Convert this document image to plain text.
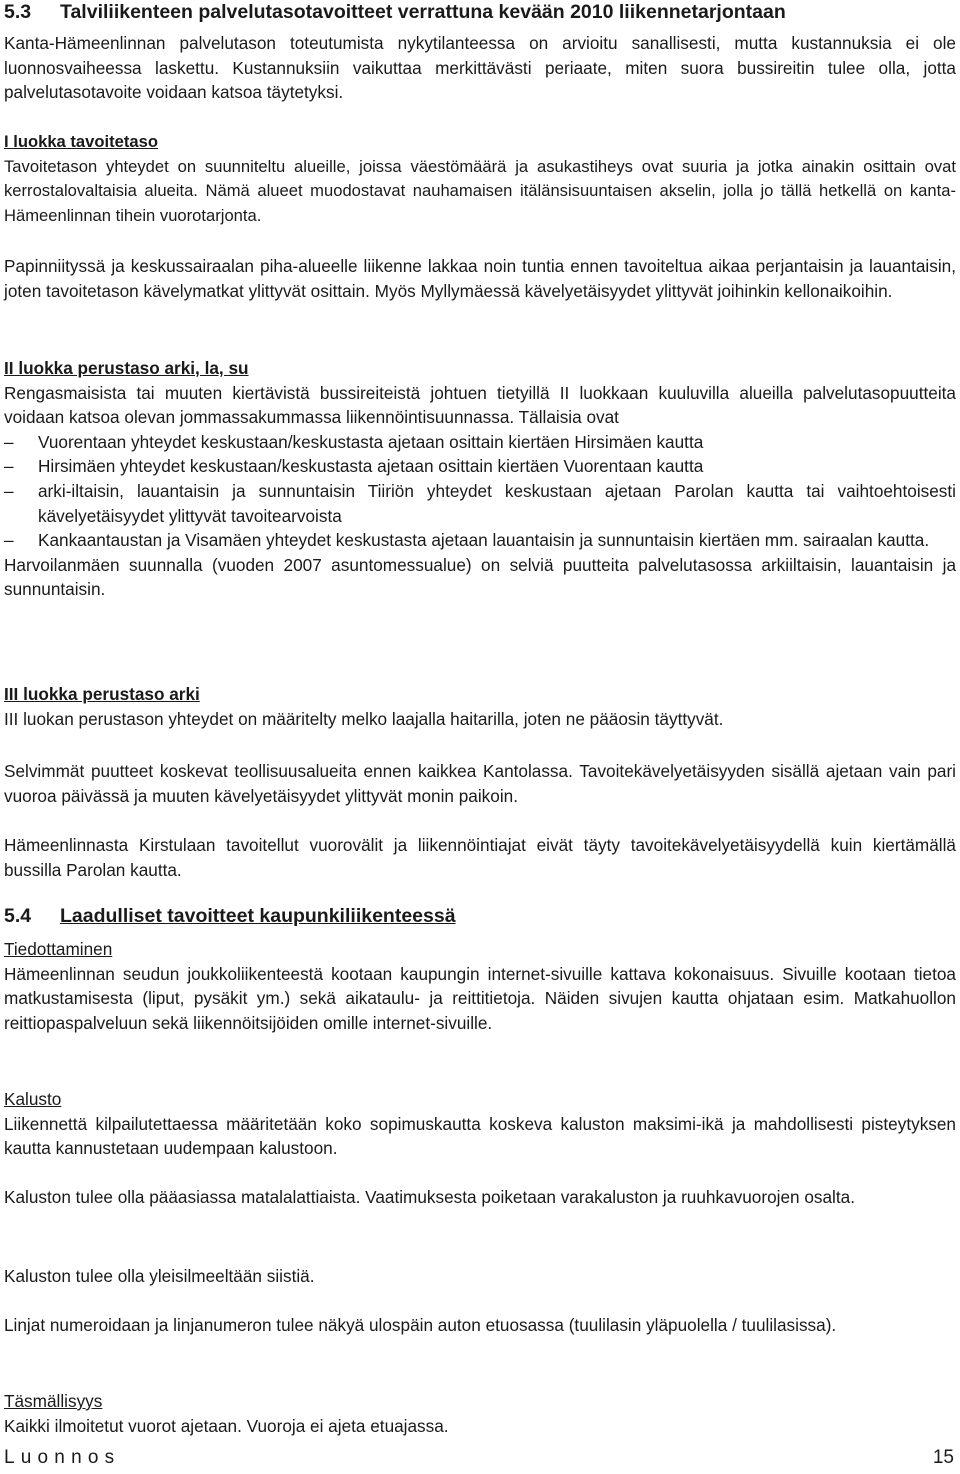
5.3 Talviliikenteen palvelutasotavoitteet verrattuna kevään 2010 liikennetarjontaan
Kanta-Hämeenlinnan palvelutason toteutumista nykytilanteessa on arvioitu sanallisesti, mutta kustannuksia ei ole luonnosvaiheessa laskettu. Kustannuksiin vaikuttaa merkittävästi periaate, miten suora bussireitin tulee olla, jotta palvelutasotavoite voidaan katsoa täytetyksi.
I luokka tavoitetaso
Tavoitetason yhteydet on suunniteltu alueille, joissa väestömäärä ja asukastiheys ovat suuria ja jotka ainakin osittain ovat kerrostalovaltaisia alueita. Nämä alueet muodostavat nauhamaisen itälänsisuuntaisen akselin, jolla jo tällä hetkellä on kanta-Hämeenlinnan tihein vuorotarjonta.
Papinniityssä ja keskussairaalan piha-alueelle liikenne lakkaa noin tuntia ennen tavoiteltua aikaa perjantaisin ja lauantaisin, joten tavoitetason kävelymatkat ylittyvät osittain. Myös Myllymäessä kävelyetäisyydet ylittyvät joihinkin kellonaikoihin.
II luokka perustaso arki, la, su
Rengasmaisista tai muuten kiertävistä bussireiteistä johtuen tietyillä II luokkaan kuuluvilla alueilla palvelutasopuutteita voidaan katsoa olevan jommassakummassa liikennöintisuunnassa. Tällaisia ovat
– Vuorentaan yhteydet keskustaan/keskustasta ajetaan osittain kiertäen Hirsimäen kautta
– Hirsimäen yhteydet keskustaan/keskustasta ajetaan osittain kiertäen Vuorentaan kautta
– arki-iltaisin, lauantaisin ja sunnuntaisin Tiiriön yhteydet keskustaan ajetaan Parolan kautta tai vaihtoehtoisesti kävelyetäisyydet ylittyvät tavoitearvoista
– Kankaantaustan ja Visamäen yhteydet keskustasta ajetaan lauantaisin ja sunnuntaisin kiertäen mm. sairaalan kautta.
Harvoilanmäen suunnalla (vuoden 2007 asuntomessualue) on selviä puutteita palvelutasossa arkiiltaisin, lauantaisin ja sunnuntaisin.
III luokka perustaso arki
III luokan perustason yhteydet on määritelty melko laajalla haitarilla, joten ne pääosin täyttyvät.
Selvimmät puutteet koskevat teollisuusalueita ennen kaikkea Kantolassa. Tavoitekävelyetäisyyden sisällä ajetaan vain pari vuoroa päivässä ja muuten kävelyetäisyydet ylittyvät monin paikoin.
Hämeenlinnasta Kirstulaan tavoitellut vuorovälit ja liikennöintiajat eivät täyty tavoitekävelyetäisyydellä kuin kiertämällä bussilla Parolan kautta.
5.4 Laadulliset tavoitteet kaupunkiliikenteessä
Tiedottaminen
Hämeenlinnan seudun joukkoliikenteestä kootaan kaupungin internet-sivuille kattava kokonaisuus. Sivuille kootaan tietoa matkustamisesta (liput, pysäkit ym.) sekä aikataulu- ja reittitietoja. Näiden sivujen kautta ohjataan esim. Matkahuollon reittiopaspalveluun sekä liikennöitsijöiden omille internet-sivuille.
Kalusto
Liikennettä kilpailutettaessa määritetään koko sopimuskautta koskeva kaluston maksimi-ikä ja mahdollisesti pisteytyksen kautta kannustetaan uudempaan kalustoon.
Kaluston tulee olla pääasiassa matalalattiaista. Vaatimuksesta poiketaan varakaluston ja ruuhkavuorojen osalta.
Kaluston tulee olla yleisilmeeltään siistiä.
Linjat numeroidaan ja linjanumeron tulee näkyä ulospäin auton etuosassa (tuulilasin yläpuolella / tuulilasissa).
Täsmällisyys
Kaikki ilmoitetut vuorot ajetaan. Vuoroja ei ajeta etuajassa.
Luonnos	15
